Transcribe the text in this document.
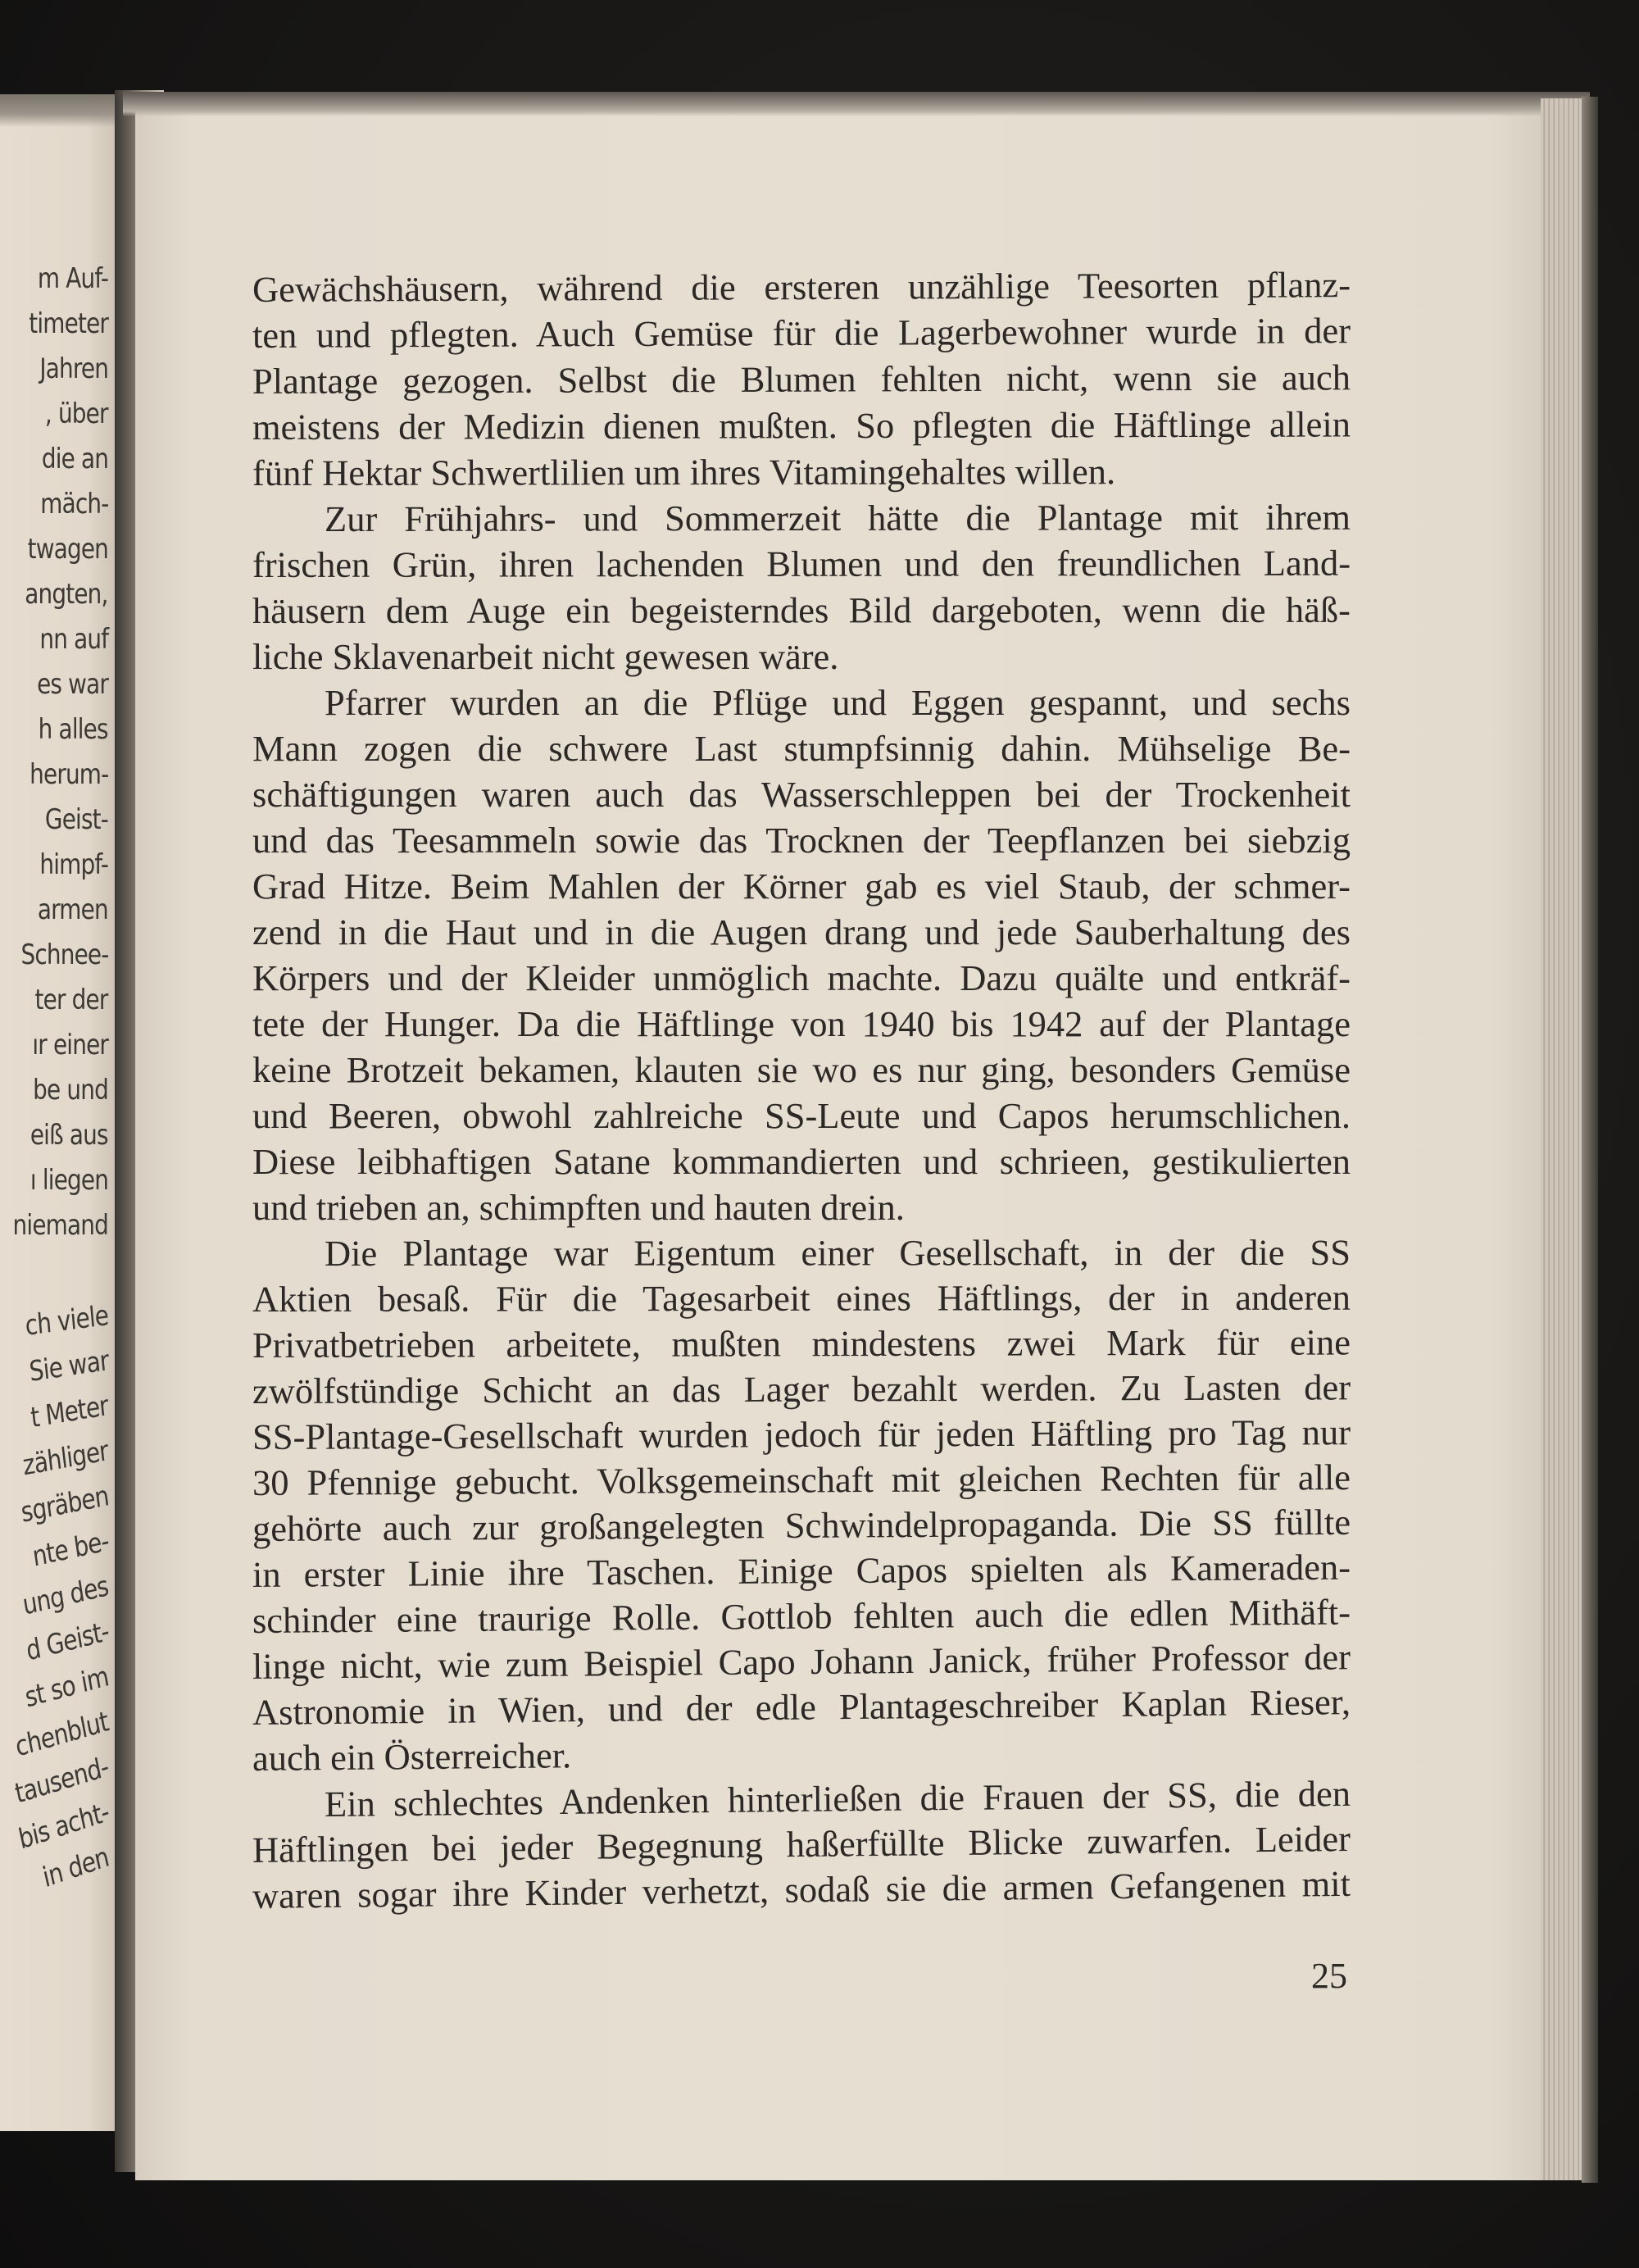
m Auf-
timeter
Jahren
, über
die an
mäch-
twagen
angten,
nn auf
es war
h alles
herum-
Geist-
himpf-
armen
Schnee-
ter der
ır einer
be und
eiß aus
ı liegen
niemand
ch viele
Sie war
t Meter
zähliger
sgräben
nte be-
ung des
d Geist-
st so im
chenblut
tausend-
bis acht-
in den
Gewächshäusern, während die ersteren unzählige Teesorten pflanz-
ten und pflegten. Auch Gemüse für die Lagerbewohner wurde in der
Plantage gezogen. Selbst die Blumen fehlten nicht, wenn sie auch
meistens der Medizin dienen mußten. So pflegten die Häftlinge allein
fünf Hektar Schwertlilien um ihres Vitamingehaltes willen.
Zur Frühjahrs- und Sommerzeit hätte die Plantage mit ihrem
frischen Grün, ihren lachenden Blumen und den freundlichen Land-
häusern dem Auge ein begeisterndes Bild dargeboten, wenn die häß-
liche Sklavenarbeit nicht gewesen wäre.
Pfarrer wurden an die Pflüge und Eggen gespannt, und sechs
Mann zogen die schwere Last stumpfsinnig dahin. Mühselige Be-
schäftigungen waren auch das Wasserschleppen bei der Trockenheit
und das Teesammeln sowie das Trocknen der Teepflanzen bei siebzig
Grad Hitze. Beim Mahlen der Körner gab es viel Staub, der schmer-
zend in die Haut und in die Augen drang und jede Sauberhaltung des
Körpers und der Kleider unmöglich machte. Dazu quälte und entkräf-
tete der Hunger. Da die Häftlinge von 1940 bis 1942 auf der Plantage
keine Brotzeit bekamen, klauten sie wo es nur ging, besonders Gemüse
und Beeren, obwohl zahlreiche SS-Leute und Capos herumschlichen.
Diese leibhaftigen Satane kommandierten und schrieen, gestikulierten
und trieben an, schimpften und hauten drein.
Die Plantage war Eigentum einer Gesellschaft, in der die SS
Aktien besaß. Für die Tagesarbeit eines Häftlings, der in anderen
Privatbetrieben arbeitete, mußten mindestens zwei Mark für eine
zwölfstündige Schicht an das Lager bezahlt werden. Zu Lasten der
SS-Plantage-Gesellschaft wurden jedoch für jeden Häftling pro Tag nur
30 Pfennige gebucht. Volksgemeinschaft mit gleichen Rechten für alle
gehörte auch zur großangelegten Schwindelpropaganda. Die SS füllte
in erster Linie ihre Taschen. Einige Capos spielten als Kameraden-
schinder eine traurige Rolle. Gottlob fehlten auch die edlen Mithäft-
linge nicht, wie zum Beispiel Capo Johann Janick, früher Professor der
Astronomie in Wien, und der edle Plantageschreiber Kaplan Rieser,
auch ein Österreicher.
Ein schlechtes Andenken hinterließen die Frauen der SS, die den
Häftlingen bei jeder Begegnung haßerfüllte Blicke zuwarfen. Leider
waren sogar ihre Kinder verhetzt, sodaß sie die armen Gefangenen mit
25
